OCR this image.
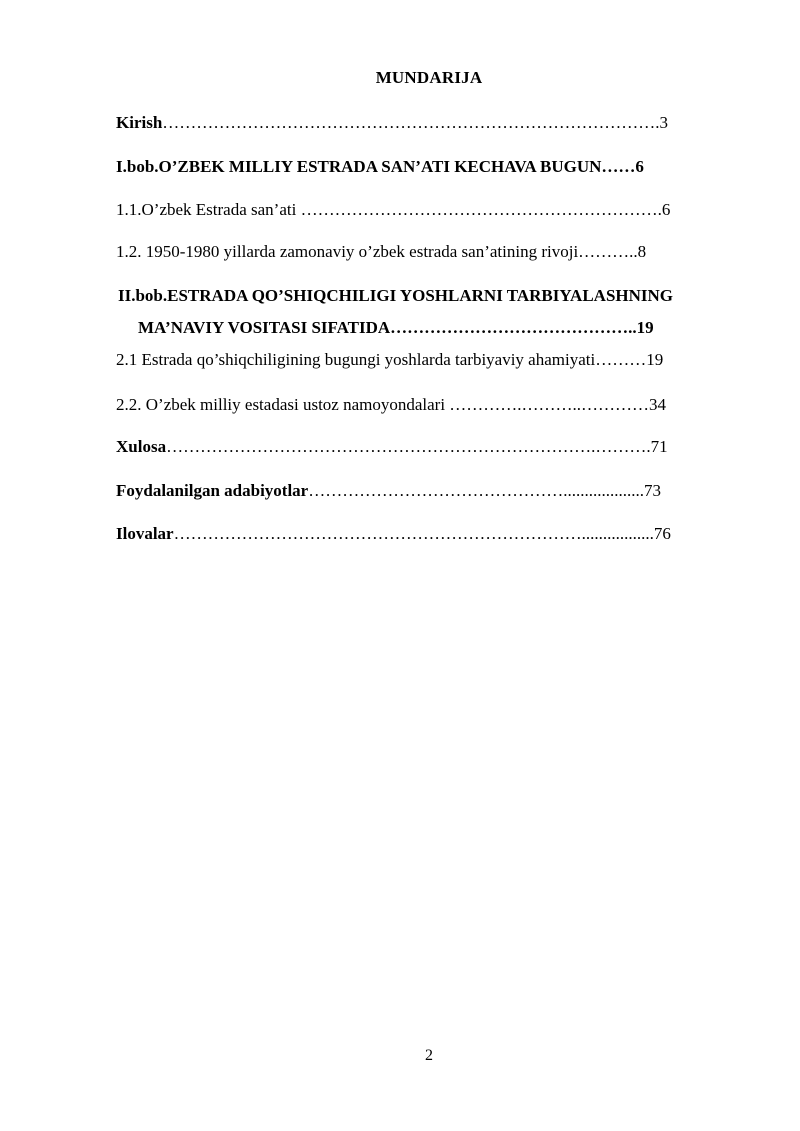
MUNDARIJA
Kirish…………………………………………………………………………….3
I.bob.O’ZBEK MILLIY ESTRADA SAN’ATI KECHAVA BUGUN……6
1.1.O’zbek Estrada san’ati ……………………………………………………….6
1.2. 1950-1980 yillarda zamonaviy o’zbek estrada san’atining rivoji………..8
II.bob.ESTRADA QO’SHIQCHILIGI YOSHLARNI TARBIYALASHNING
MA’NAVIY VOSITASI SIFATIDA……………………………………..19
2.1 Estrada qo’shiqchiligining bugungi yoshlarda tarbiyaviy ahamiyati………19
2.2. O’zbek milliy estadasi ustoz namoyondalari ………….………..…………34
Xulosa………………………………………………………………….……….71
Foydalanilgan adabiyotlar………………………………………...................73
Ilovalar……………………………………………………………….................76
2
